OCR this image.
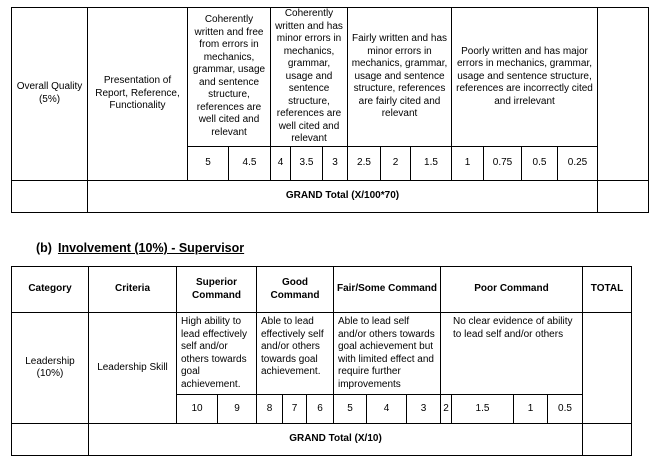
Overall Quality (5%)	Presentation of Report, Reference, Functionality	Coherently written and free from errors in mechanics, grammar, usage and sentence structure, references are well cited and relevant		Coherently written and has minor errors in mechanics, grammar, usage and sentence structure, references are well cited and relevant			Fairly written and has minor errors in mechanics, grammar, usage and sentence structure, references are fairly cited and relevant			Poorly written and has major errors in mechanics, grammar, usage and sentence structure, references are incorrectly cited and irrelevant				
		5	4.5	4	3.5	3	2.5	2	1.5	1	0.75	0.5	0.25	
	GRAND Total (X/100*70)													
(b) Involvement (10%) - Supervisor
Category	Criteria	Superior Command		Good Command			Fair/Some Command			Poor Command				TOTAL
Leadership (10%)	Leadership Skill	High ability to lead effectively self and/or others towards goal achievement.		Able to lead effectively self and/or others towards goal achievement.			Able to lead self and/or others towards goal achievement but with limited effect and require further improvements			No clear evidence of ability to lead self and/or others				
		10	9	8	7	6	5	4	3	2	1.5	1	0.5	
	GRAND Total (X/10)													
